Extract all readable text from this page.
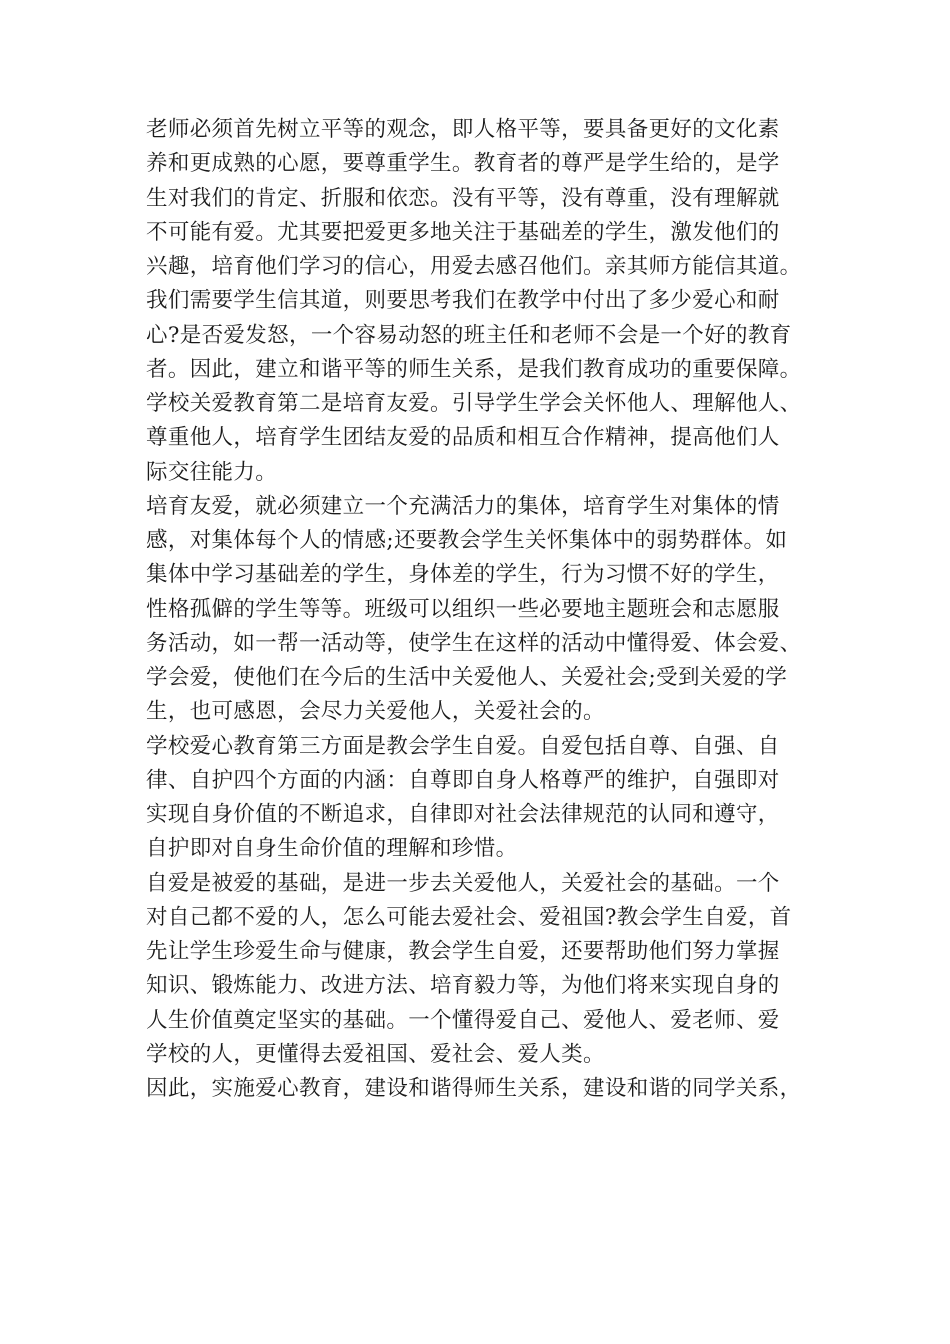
老师必须首先树立平等的观念，即人格平等，要具备更好的文化素
养和更成熟的心愿，要尊重学生。教育者的尊严是学生给的，是学
生对我们的肯定、折服和依恋。没有平等，没有尊重，没有理解就
不可能有爱。尤其要把爱更多地关注于基础差的学生，激发他们的
兴趣，培育他们学习的信心，用爱去感召他们。亲其师方能信其道。
我们需要学生信其道，则要思考我们在教学中付出了多少爱心和耐
心?是否爱发怒，一个容易动怒的班主任和老师不会是一个好的教育
者。因此，建立和谐平等的师生关系，是我们教育成功的重要保障。
学校关爱教育第二是培育友爱。引导学生学会关怀他人、理解他人、
尊重他人，培育学生团结友爱的品质和相互合作精神，提高他们人
际交往能力。
培育友爱，就必须建立一个充满活力的集体，培育学生对集体的情
感，对集体每个人的情感;还要教会学生关怀集体中的弱势群体。如
集体中学习基础差的学生，身体差的学生，行为习惯不好的学生，
性格孤僻的学生等等。班级可以组织一些必要地主题班会和志愿服
务活动，如一帮一活动等，使学生在这样的活动中懂得爱、体会爱、
学会爱，使他们在今后的生活中关爱他人、关爱社会;受到关爱的学
生，也可感恩，会尽力关爱他人，关爱社会的。
学校爱心教育第三方面是教会学生自爱。自爱包括自尊、自强、自
律、自护四个方面的内涵：自尊即自身人格尊严的维护，自强即对
实现自身价值的不断追求，自律即对社会法律规范的认同和遵守，
自护即对自身生命价值的理解和珍惜。
自爱是被爱的基础，是进一步去关爱他人，关爱社会的基础。一个
对自己都不爱的人，怎么可能去爱社会、爱祖国?教会学生自爱，首
先让学生珍爱生命与健康，教会学生自爱，还要帮助他们努力掌握
知识、锻炼能力、改进方法、培育毅力等，为他们将来实现自身的
人生价值奠定坚实的基础。一个懂得爱自己、爱他人、爱老师、爱
学校的人，更懂得去爱祖国、爱社会、爱人类。
因此，实施爱心教育，建设和谐得师生关系，建设和谐的同学关系，
